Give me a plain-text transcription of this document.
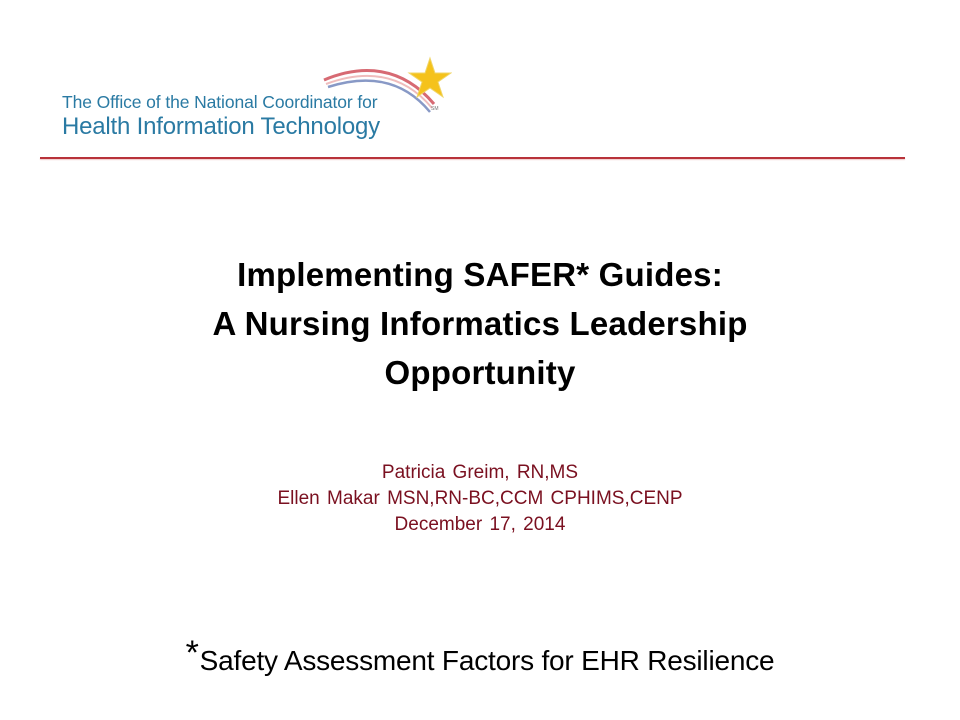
The Office of the National Coordinator for
Health Information Technology
SM
Implementing SAFER* Guides:
A Nursing Informatics Leadership
Opportunity
Patricia Greim, RN,MS
Ellen Makar MSN,RN-BC,CCM CPHIMS,CENP
December 17, 2014
*Safety Assessment Factors for EHR Resilience
